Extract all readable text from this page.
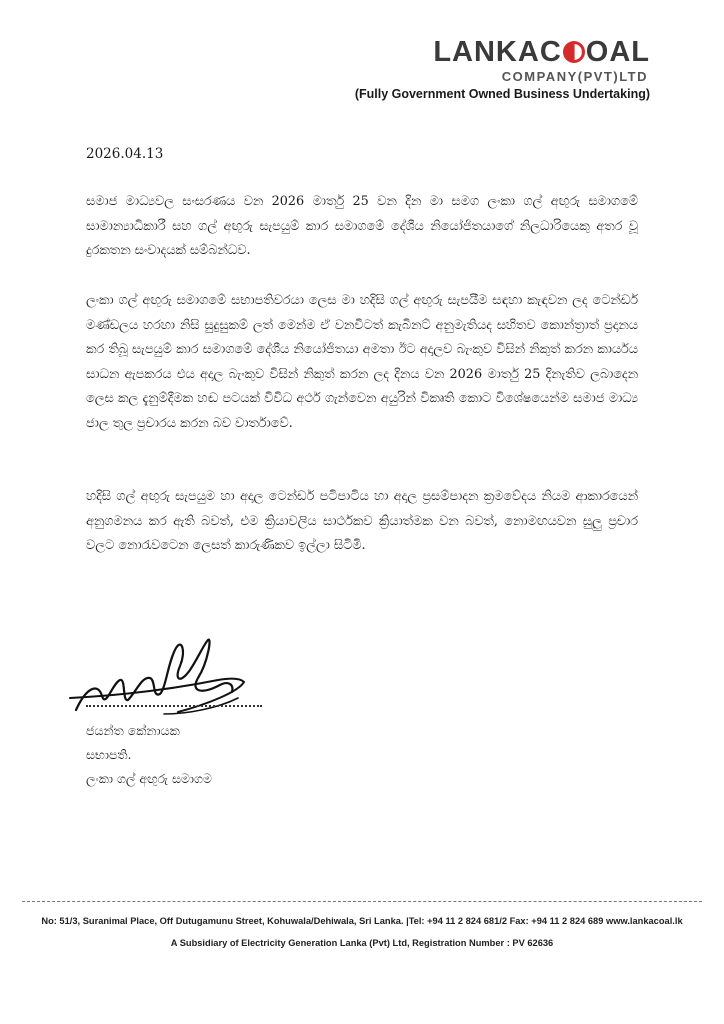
LANKAC OAL
COMPANY(PVT)LTD
(Fully Government Owned Business Undertaking)
2026.04.13
සමාජ මාධ්‍යවල සංසරණය වන 2026 මාර්තු 25 වන දින මා සමග ලංකා ගල් අඟුරු සමාගමේ සාමාන්‍යාධිකාරී සහ ගල් අඟුරු සැපයුම් කාර සමාගමේ දේශීය නියෝජිතයාගේ නිලධාරියෙකු අතර වූ දුරකතන සංවාදයක් සම්බන්ධව.
ලංකා ගල් අඟුරු සමාගමේ සභාපතිවරයා ලෙස මා හදිසි ගල් අඟුරු සැපයීම සඳහා කැඳවන ලද ටෙන්ඩර් මණ්ඩලය හරහා නිසි සුදුසුකම් ලත් මෙන්ම ඒ වනවිටත් කැබිනට් අනුමැතියද සහිතව කොන්ත්‍රාත් ප්‍රදානය කර තිබූ සැපයුම් කාර සමාගමේ දේශීය නියෝජිතයා අමතා ඊට අදාලව බැංකුව විසින් නිකුත් කරන කාර්යය සාධන ඇපකරය එය අදාල බැංකුව විසින් නිකුත් කරන ලද දිනය වන 2026 මාර්තු 25 දිනැතිව ලබාදෙන ලෙස කල දැනුම්දීමක හඬ පටයක් විවිධ අර්ථ ගැන්වෙන අයුරින් විකෘති කොට විශේෂයෙන්ම සමාජ මාධ්‍ය ජාල තුල ප්‍රචාරය කරන බව වාර්තාවේ.
හදිසි ගල් අඟුරු සැපයුම හා අදාල ටෙන්ඩර් පටිපාටිය හා අදාල ප්‍රසම්පාදන ක්‍රමවේදය නියම ආකාරයෙන් අනුගමනය කර ඇති බවත්, එම ක්‍රියාවලිය සාර්ථකව ක්‍රියාත්මක වන බවත්, නොමඟයවන සුලු ප්‍රචාර වලට නොරැවටෙන ලෙසත් කාරුණිකව ඉල්ලා සිටිමි.
ජයන්ත කේනායක
සභාපති.
ලංකා ගල් අඟුරු සමාගම
No: 51/3, Suranimal Place, Off Dutugamunu Street, Kohuwala/Dehiwala, Sri Lanka. |Tel: +94 11 2 824 681/2 Fax: +94 11 2 824 689 www.lankacoal.lk
A Subsidiary of Electricity Generation Lanka (Pvt) Ltd, Registration Number : PV 62636
